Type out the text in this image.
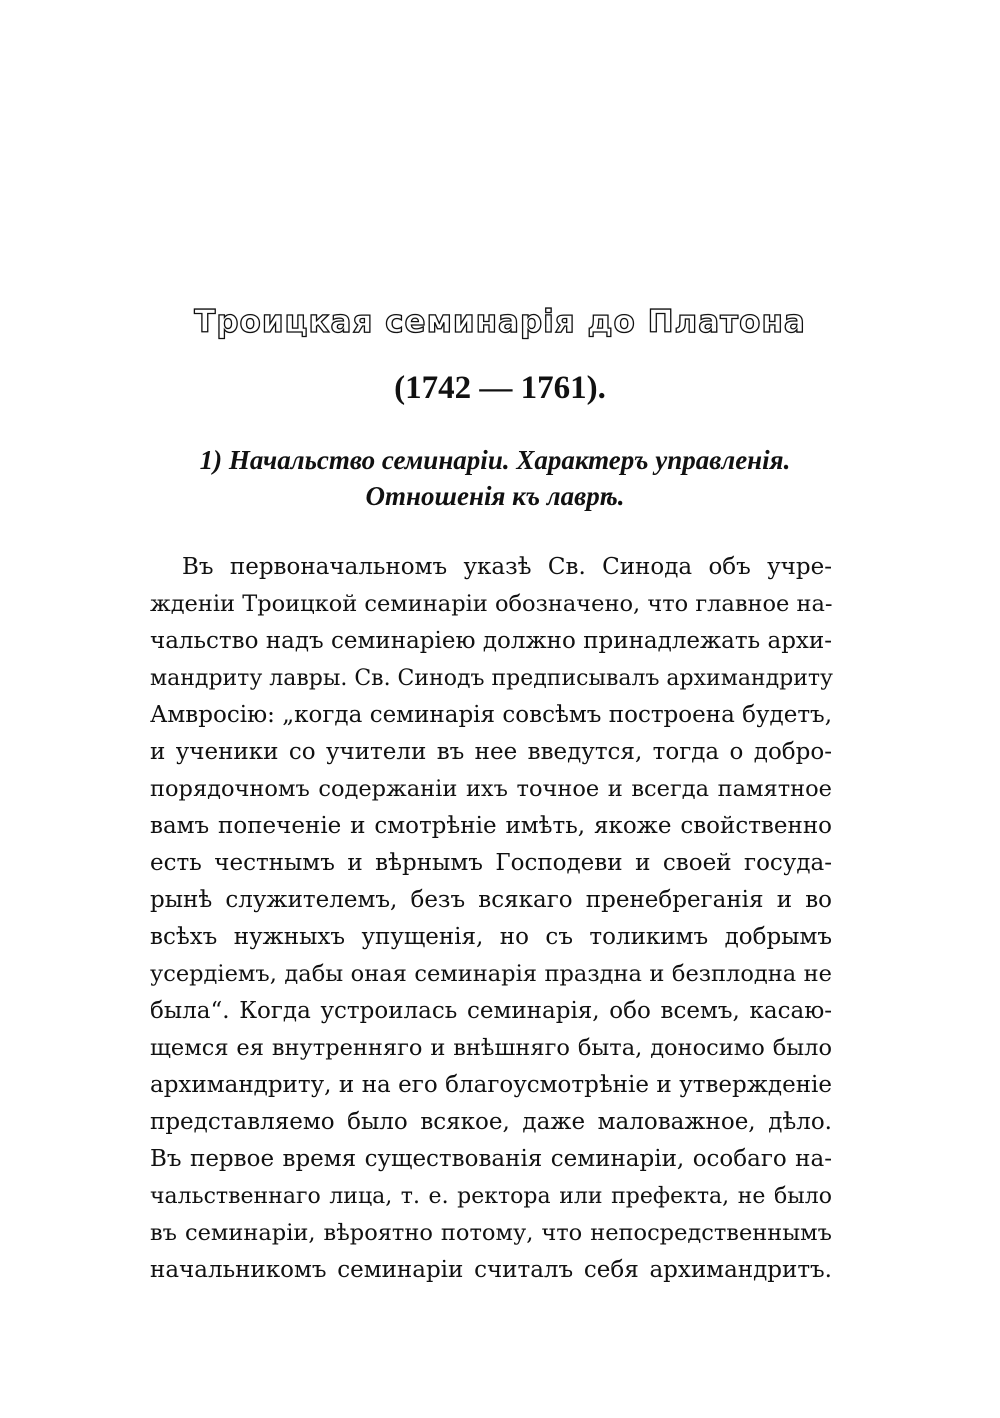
Троицкая семинарія до Платона
(1742 — 1761).
1) Начальство семинаріи. Характеръ управленія.
Отношенія къ лаврѣ.
Въ первоначальномъ указѣ Св. Синода объ учре-
жденіи Троицкой семинаріи обозначено, что главное на-
чальство надъ семинаріею должно принадлежать архи-
мандриту лавры. Св. Синодъ предписывалъ архимандриту
Амвросію: „когда семинарія совсѣмъ построена будетъ,
и ученики со учители въ нее введутся, тогда о добро-
порядочномъ содержаніи ихъ точное и всегда памятное
вамъ попеченіе и смотрѣніе имѣть, якоже свойственно
есть честнымъ и вѣрнымъ Господеви и своей госуда-
рынѣ служителемъ, безъ всякаго пренебреганія и во
всѣхъ нужныхъ упущенія, но съ толикимъ добрымъ
усердіемъ, дабы оная семинарія праздна и безплодна не
была“. Когда устроилась семинарія, обо всемъ, касаю-
щемся ея внутренняго и внѣшняго быта, доносимо было
архимандриту, и на его благоусмотрѣніе и утвержденіе
представляемо было всякое, даже маловажное, дѣло.
Въ первое время существованія семинаріи, особаго на-
чальственнаго лица, т. е. ректора или префекта, не было
въ семинаріи, вѣроятно потому, что непосредственнымъ
начальникомъ семинаріи считалъ себя архимандритъ.
